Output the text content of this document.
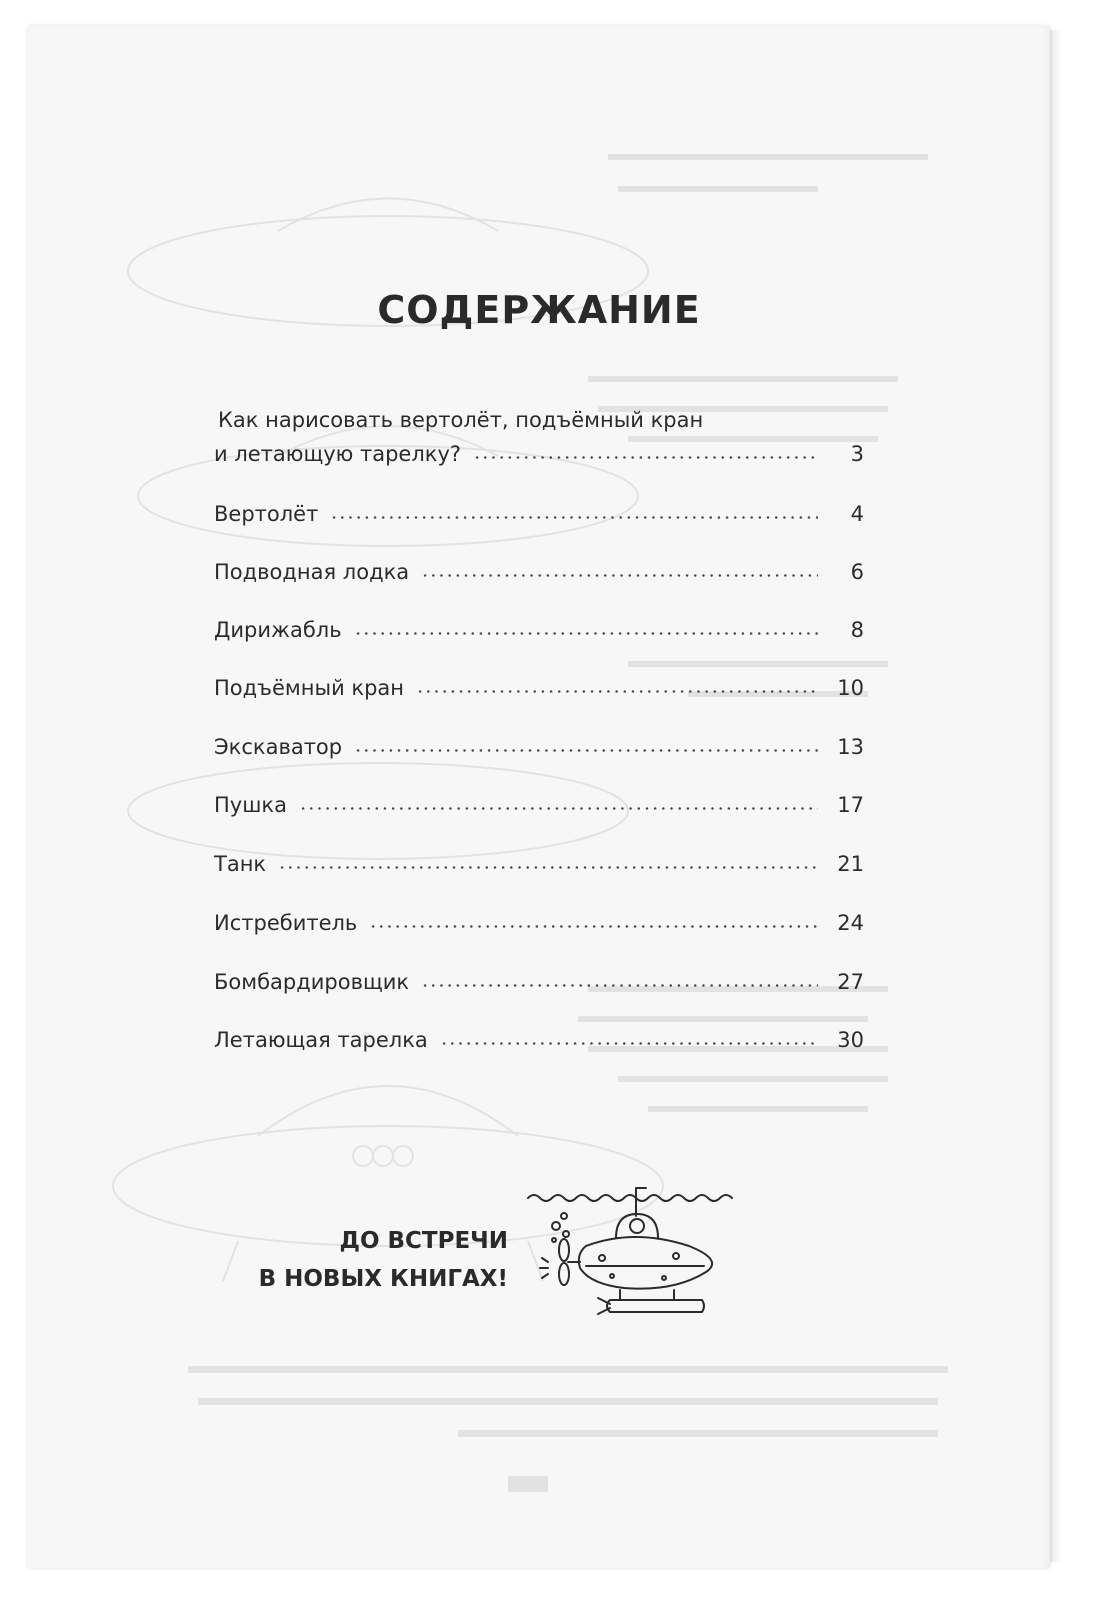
СОДЕРЖАНИЕ
Как нарисовать вертолёт, подъёмный кран
и летающую тарелку?	3
Вертолёт	4
Подводная лодка	6
Дирижабль	8
Подъёмный кран	10
Экскаватор	13
Пушка	17
Танк	21
Истребитель	24
Бомбардировщик	27
Летающая тарелка	30
ДО ВСТРЕЧИ
В НОВЫХ КНИГАХ!
